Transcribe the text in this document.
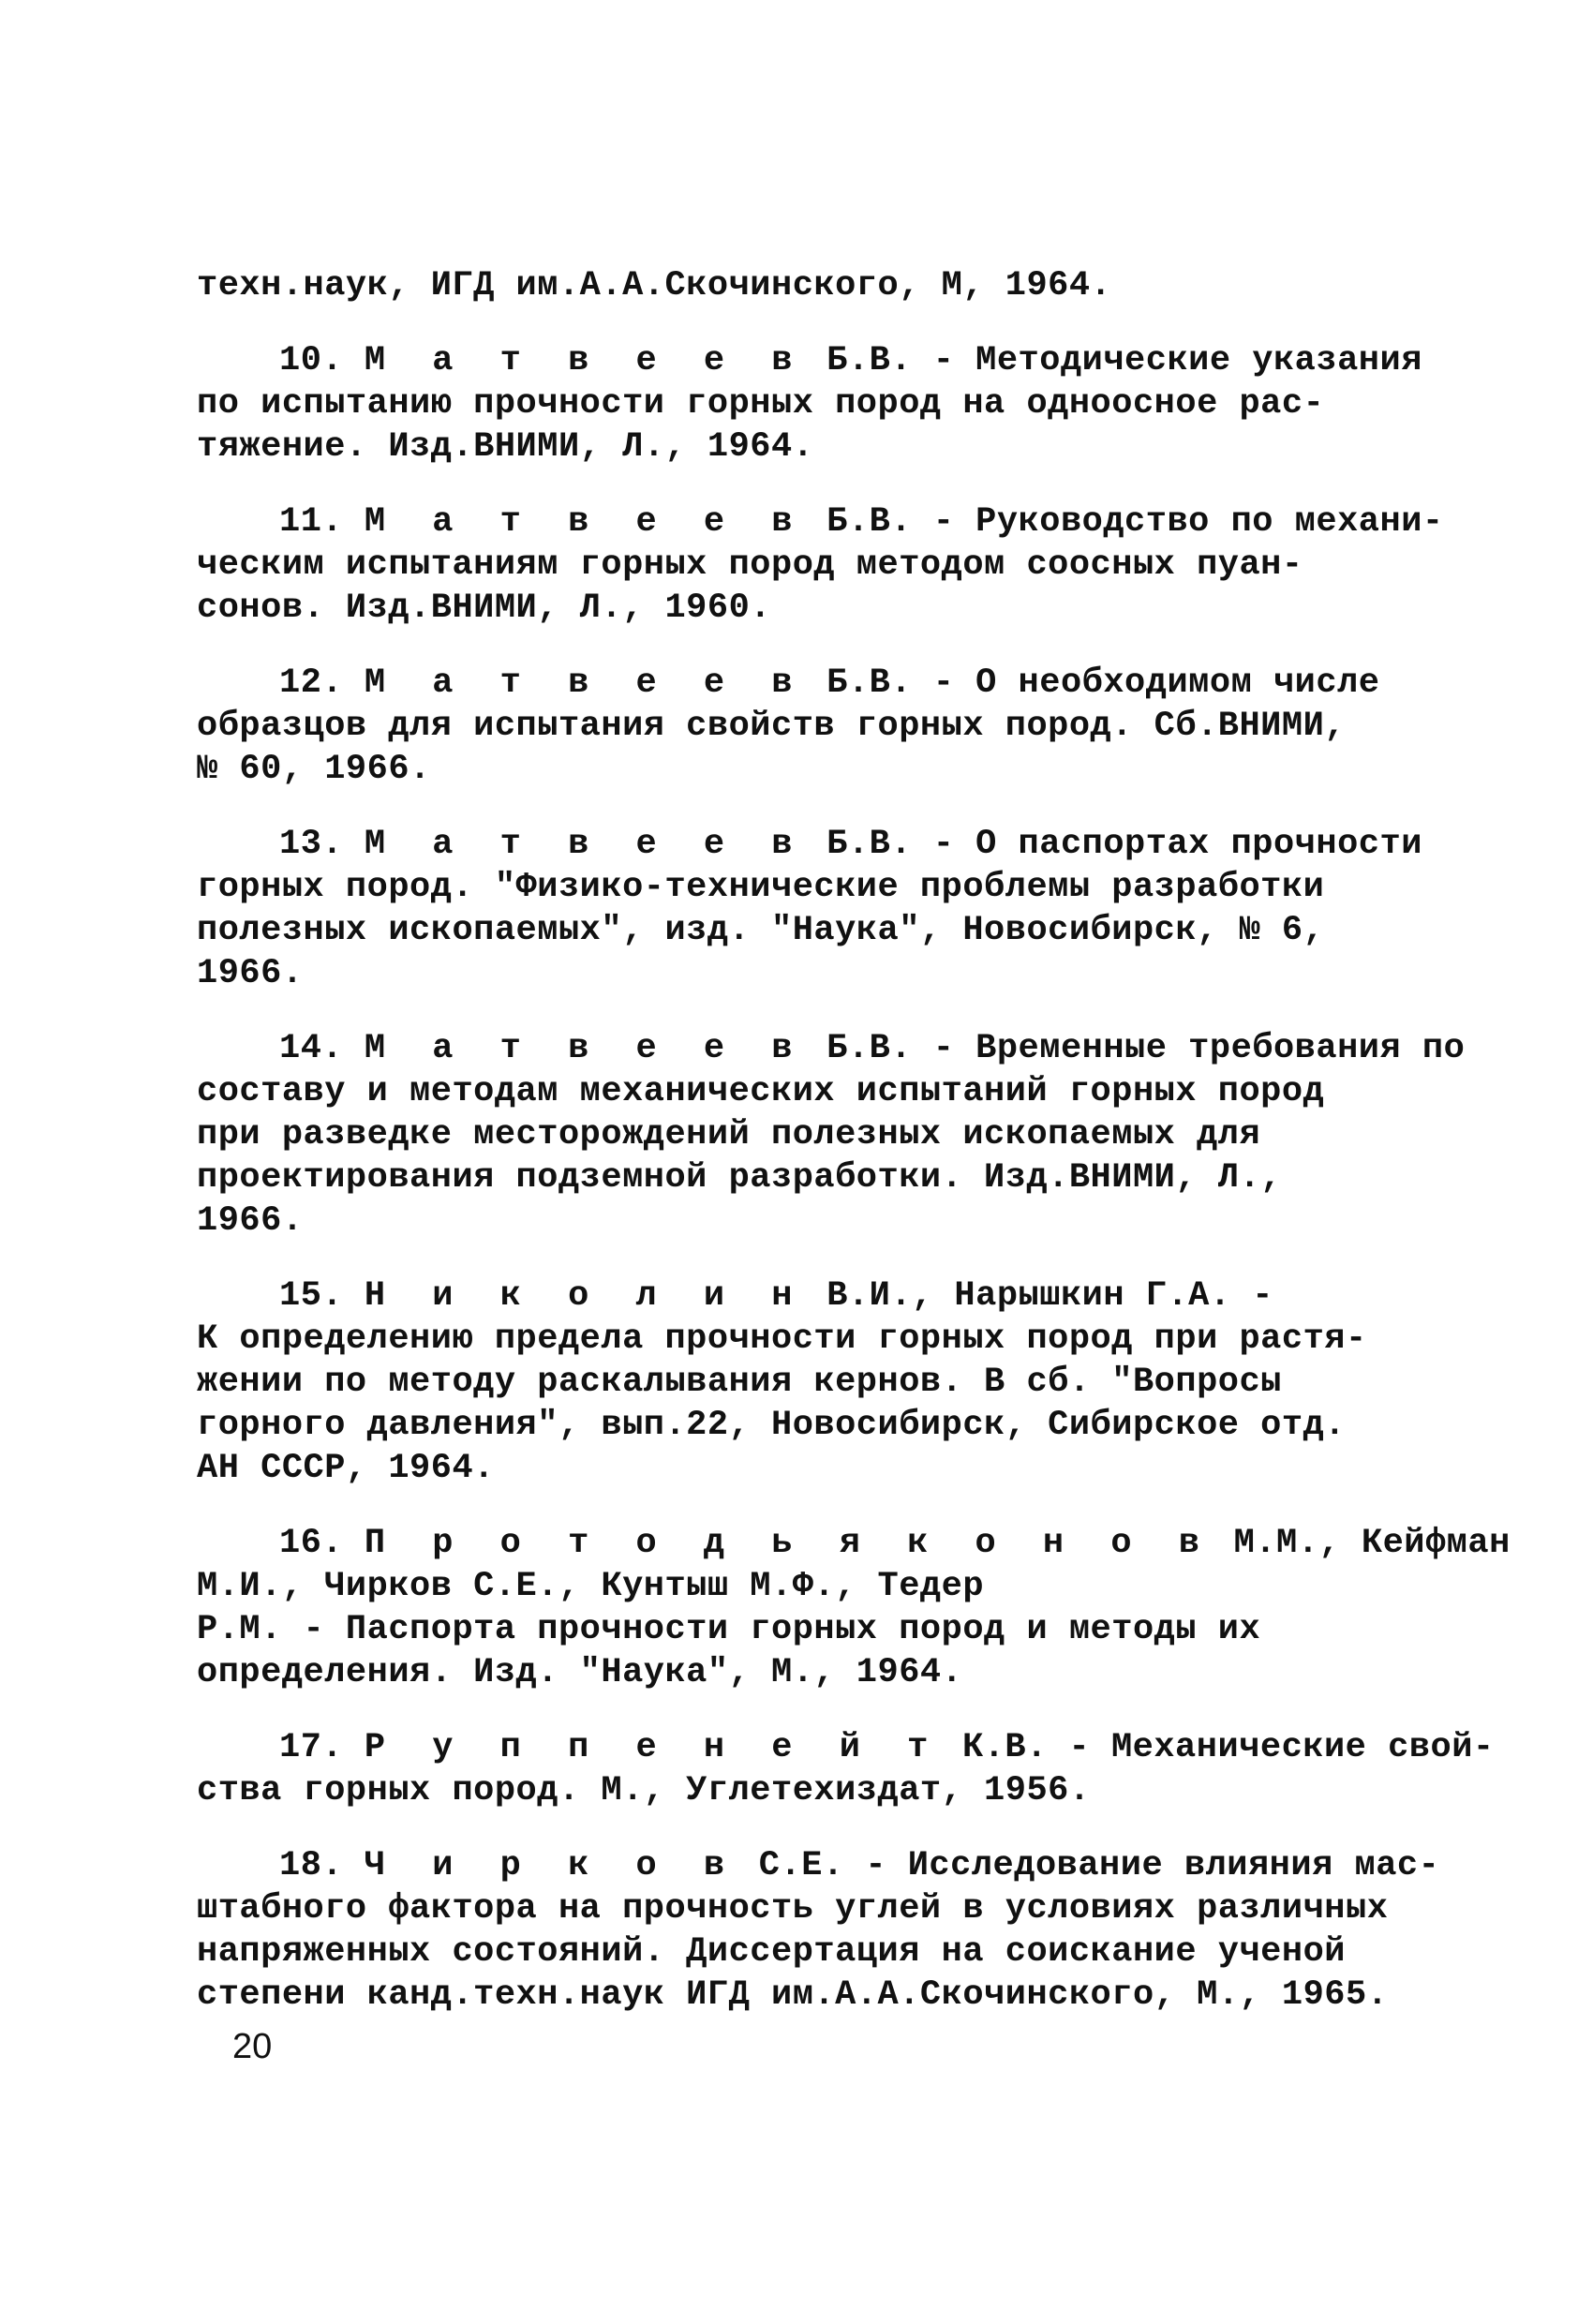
техн.наук, ИГД им.А.А.Скочинского, М, 1964.
10. М а т в е е в Б.В. - Методические указания
по испытанию прочности горных пород на одноосное рас-
тяжение. Изд.ВНИМИ, Л., 1964.
11. М а т в е е в Б.В. - Руководство по механи-
ческим испытаниям горных пород методом соосных пуан-
сонов. Изд.ВНИМИ, Л., 1960.
12. М а т в е е в Б.В. - О необходимом числе
образцов для испытания свойств горных пород. Сб.ВНИМИ,
№ 60, 1966.
13. М а т в е е в Б.В. - О паспортах прочности
горных пород. "Физико-технические проблемы разработки
полезных ископаемых", изд. "Наука", Новосибирск, № 6,
1966.
14. М а т в е е в Б.В. - Временные требования по
составу и методам механических испытаний горных пород
при разведке месторождений полезных ископаемых для
проектирования подземной разработки. Изд.ВНИМИ, Л.,
1966.
15. Н и к о л и н В.И., Нарышкин Г.А. -
К определению предела прочности горных пород при растя-
жении по методу раскалывания кернов. В сб. "Вопросы
горного давления", вып.22, Новосибирск, Сибирское отд.
АН СССР, 1964.
16. П р о т о д ь я к о н о в М.М., Кейфман
М.И., Чирков С.Е., Кунтыш М.Ф., Тедер
Р.М. - Паспорта прочности горных пород и методы их
определения. Изд. "Наука", М., 1964.
17. Р у п п е н е й т К.В. - Механические свой-
ства горных пород. М., Углетехиздат, 1956.
18. Ч и р к о в С.Е. - Исследование влияния мас-
штабного фактора на прочность углей в условиях различных
напряженных состояний. Диссертация на соискание ученой
степени канд.техн.наук ИГД им.А.А.Скочинского, М., 1965.
20
